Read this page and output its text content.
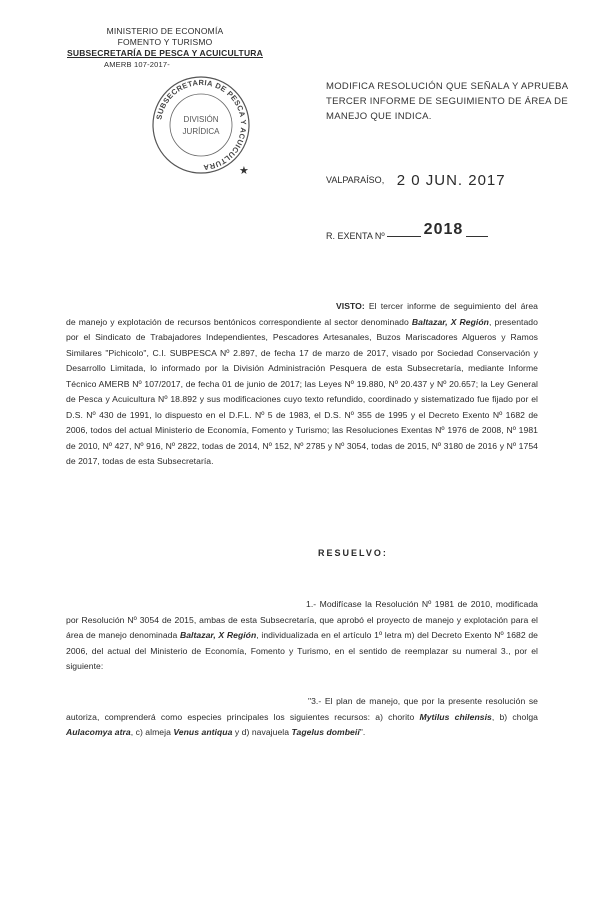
MINISTERIO DE ECONOMÍA
FOMENTO Y TURISMO
SUBSECRETARÍA DE PESCA Y ACUICULTURA
AMERB 107-2017-
SUBSECRETARIA DE PESCA Y ACUICULTURA
DIVISIÓN
JURÍDICA
★
MODIFICA RESOLUCIÓN QUE SEÑALA Y APRUEBA TERCER INFORME DE SEGUIMIENTO DE ÁREA DE MANEJO QUE INDICA.
VALPARAÍSO, 2 0 JUN. 2017
R. EXENTA Nº 2018
VISTO: El tercer informe de seguimiento del área de manejo y explotación de recursos bentónicos correspondiente al sector denominado Baltazar, X Región, presentado por el Sindicato de Trabajadores Independientes, Pescadores Artesanales, Buzos Mariscadores Algueros y Ramos Similares "Pichicolo", C.I. SUBPESCA Nº 2.897, de fecha 17 de marzo de 2017, visado por Sociedad Conservación y Desarrollo Limitada, lo informado por la División Administración Pesquera de esta Subsecretaría, mediante Informe Técnico AMERB Nº 107/2017, de fecha 01 de junio de 2017; las Leyes Nº 19.880, Nº 20.437 y Nº 20.657; la Ley General de Pesca y Acuicultura Nº 18.892 y sus modificaciones cuyo texto refundido, coordinado y sistematizado fue fijado por el D.S. Nº 430 de 1991, lo dispuesto en el D.F.L. Nº 5 de 1983, el D.S. Nº 355 de 1995 y el Decreto Exento Nº 1682 de 2006, todos del actual Ministerio de Economía, Fomento y Turismo; las Resoluciones Exentas Nº 1976 de 2008, Nº 1981 de 2010, Nº 427, Nº 916, Nº 2822, todas de 2014, Nº 152, Nº 2785 y Nº 3054, todas de 2015, Nº 3180 de 2016 y Nº 1754 de 2017, todas de esta Subsecretaría.
RESUELVO:
1.- Modifícase la Resolución Nº 1981 de 2010, modificada por Resolución Nº 3054 de 2015, ambas de esta Subsecretaría, que aprobó el proyecto de manejo y explotación para el área de manejo denominada Baltazar, X Región, individualizada en el artículo 1º letra m) del Decreto Exento Nº 1682 de 2006, del actual del Ministerio de Economía, Fomento y Turismo, en el sentido de reemplazar su numeral 3., por el siguiente:
"3.- El plan de manejo, que por la presente resolución se autoriza, comprenderá como especies principales los siguientes recursos: a) chorito Mytilus chilensis, b) cholga Aulacomya atra, c) almeja Venus antiqua y d) navajuela Tagelus dombeii".
